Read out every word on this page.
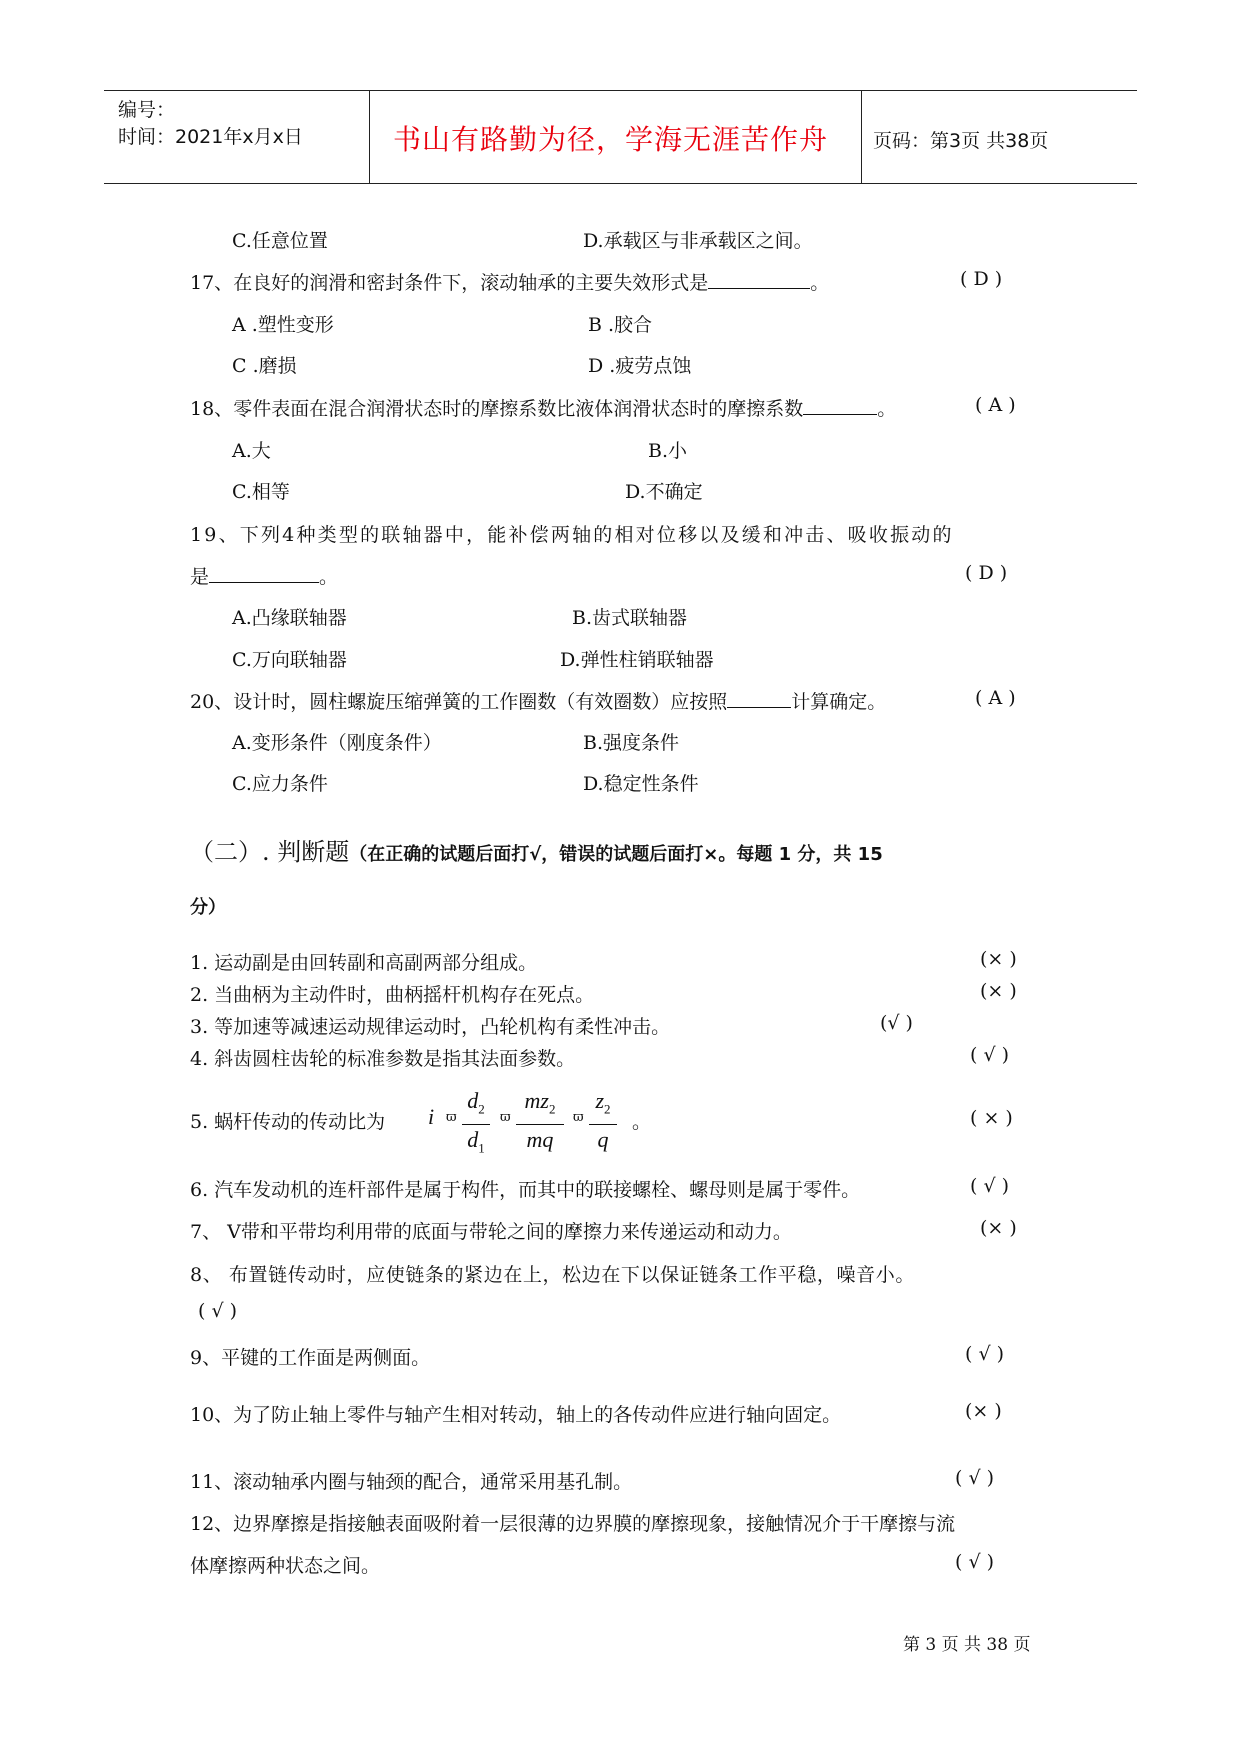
编号：
时间：2021年x月x日	书山有路勤为径，学海无涯苦作舟 页码：第3页 共38页
C.任意位置	D.承载区与非承载区之间。
17、在良好的润滑和密封条件下，滚动轴承的主要失效形式是	。	( D )
A .塑性变形	B .胶合
C .磨损	D .疲劳点蚀
18、零件表面在混合润滑状态时的摩擦系数比液体润滑状态时的摩擦系数	。	( A )
A.大	B.小
C.相等	D.不确定
19、下列4种类型的联轴器中，能补偿两轴的相对位移以及缓和冲击、吸收振动的
是	。	( D )
A.凸缘联轴器	B.齿式联轴器
C.万向联轴器	D.弹性柱销联轴器
20、设计时，圆柱螺旋压缩弹簧的工作圈数（有效圈数）应按照	计算确定。	( A )
A.变形条件（刚度条件）	B.强度条件
C.应力条件	D.稳定性条件
（二）. 判断题（在正确的试题后面打√，错误的试题后面打×。每题 1 分，共 15
分）
1. 运动副是由回转副和高副两部分组成。	(× )
2. 当曲柄为主动件时，曲柄摇杆机构存在死点。	(× )
3. 等加速等减速运动规律运动时，凸轮机构有柔性冲击。	(√ )
4. 斜齿圆柱齿轮的标准参数是指其法面参数。	( √ )
5. 蜗杆传动的传动比为 i ϖ
$d_2$
$d_1$
ϖ
$mz_2$
mq
ϖ
$z_2$
q
。	( × )
6. 汽车发动机的连杆部件是属于构件，而其中的联接螺栓、螺母则是属于零件。	( √ )
7、 V带和平带均利用带的底面与带轮之间的摩擦力来传递运动和动力。	(× )
8、 布置链传动时，应使链条的紧边在上，松边在下以保证链条工作平稳，噪音小。
( √ )
9、平键的工作面是两侧面。	( √ )
10、为了防止轴上零件与轴产生相对转动，轴上的各传动件应进行轴向固定。	(× )
11、滚动轴承内圈与轴颈的配合，通常采用基孔制。	( √ )
12、边界摩擦是指接触表面吸附着一层很薄的边界膜的摩擦现象，接触情况介于干摩擦与流
体摩擦两种状态之间。	( √ )
第 3 页 共 38 页
